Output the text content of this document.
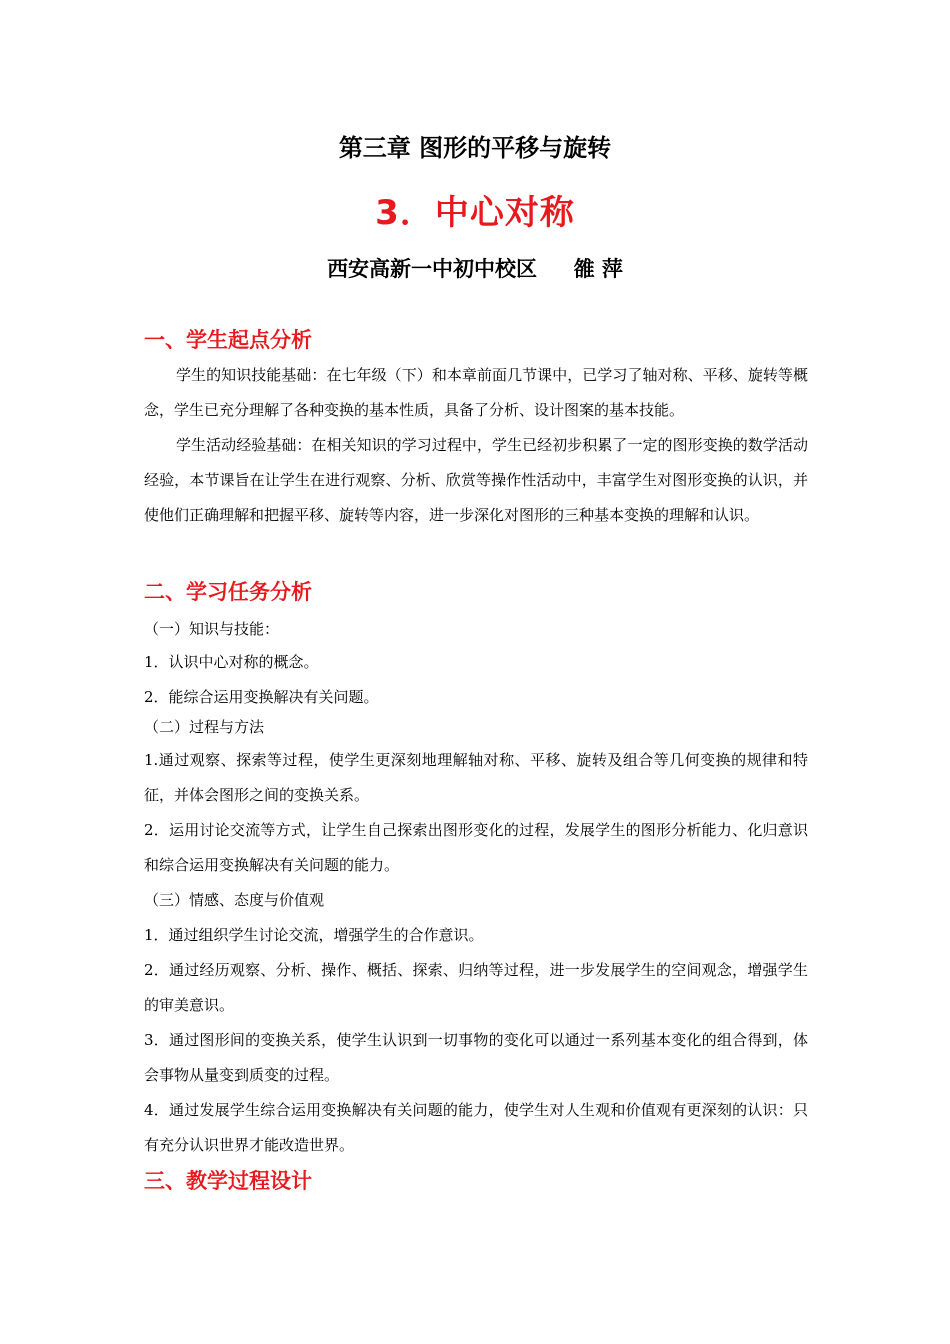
第三章 图形的平移与旋转
3．中心对称
西安高新一中初中校区     雒 萍
一、学生起点分析
学生的知识技能基础：在七年级（下）和本章前面几节课中，已学习了轴对称、平移、旋转等概念，学生已充分理解了各种变换的基本性质，具备了分析、设计图案的基本技能。
学生活动经验基础：在相关知识的学习过程中，学生已经初步积累了一定的图形变换的数学活动经验，本节课旨在让学生在进行观察、分析、欣赏等操作性活动中，丰富学生对图形变换的认识，并使他们正确理解和把握平移、旋转等内容，进一步深化对图形的三种基本变换的理解和认识。
二、学习任务分析
（一）知识与技能：
1．认识中心对称的概念。
2．能综合运用变换解决有关问题。
（二）过程与方法
1.通过观察、探索等过程，使学生更深刻地理解轴对称、平移、旋转及组合等几何变换的规律和特征，并体会图形之间的变换关系。
2．运用讨论交流等方式，让学生自己探索出图形变化的过程，发展学生的图形分析能力、化归意识和综合运用变换解决有关问题的能力。
（三）情感、态度与价值观
1．通过组织学生讨论交流，增强学生的合作意识。
2．通过经历观察、分析、操作、概括、探索、归纳等过程，进一步发展学生的空间观念，增强学生的审美意识。
3．通过图形间的变换关系，使学生认识到一切事物的变化可以通过一系列基本变化的组合得到，体会事物从量变到质变的过程。
4．通过发展学生综合运用变换解决有关问题的能力，使学生对人生观和价值观有更深刻的认识：只有充分认识世界才能改造世界。
三、教学过程设计
